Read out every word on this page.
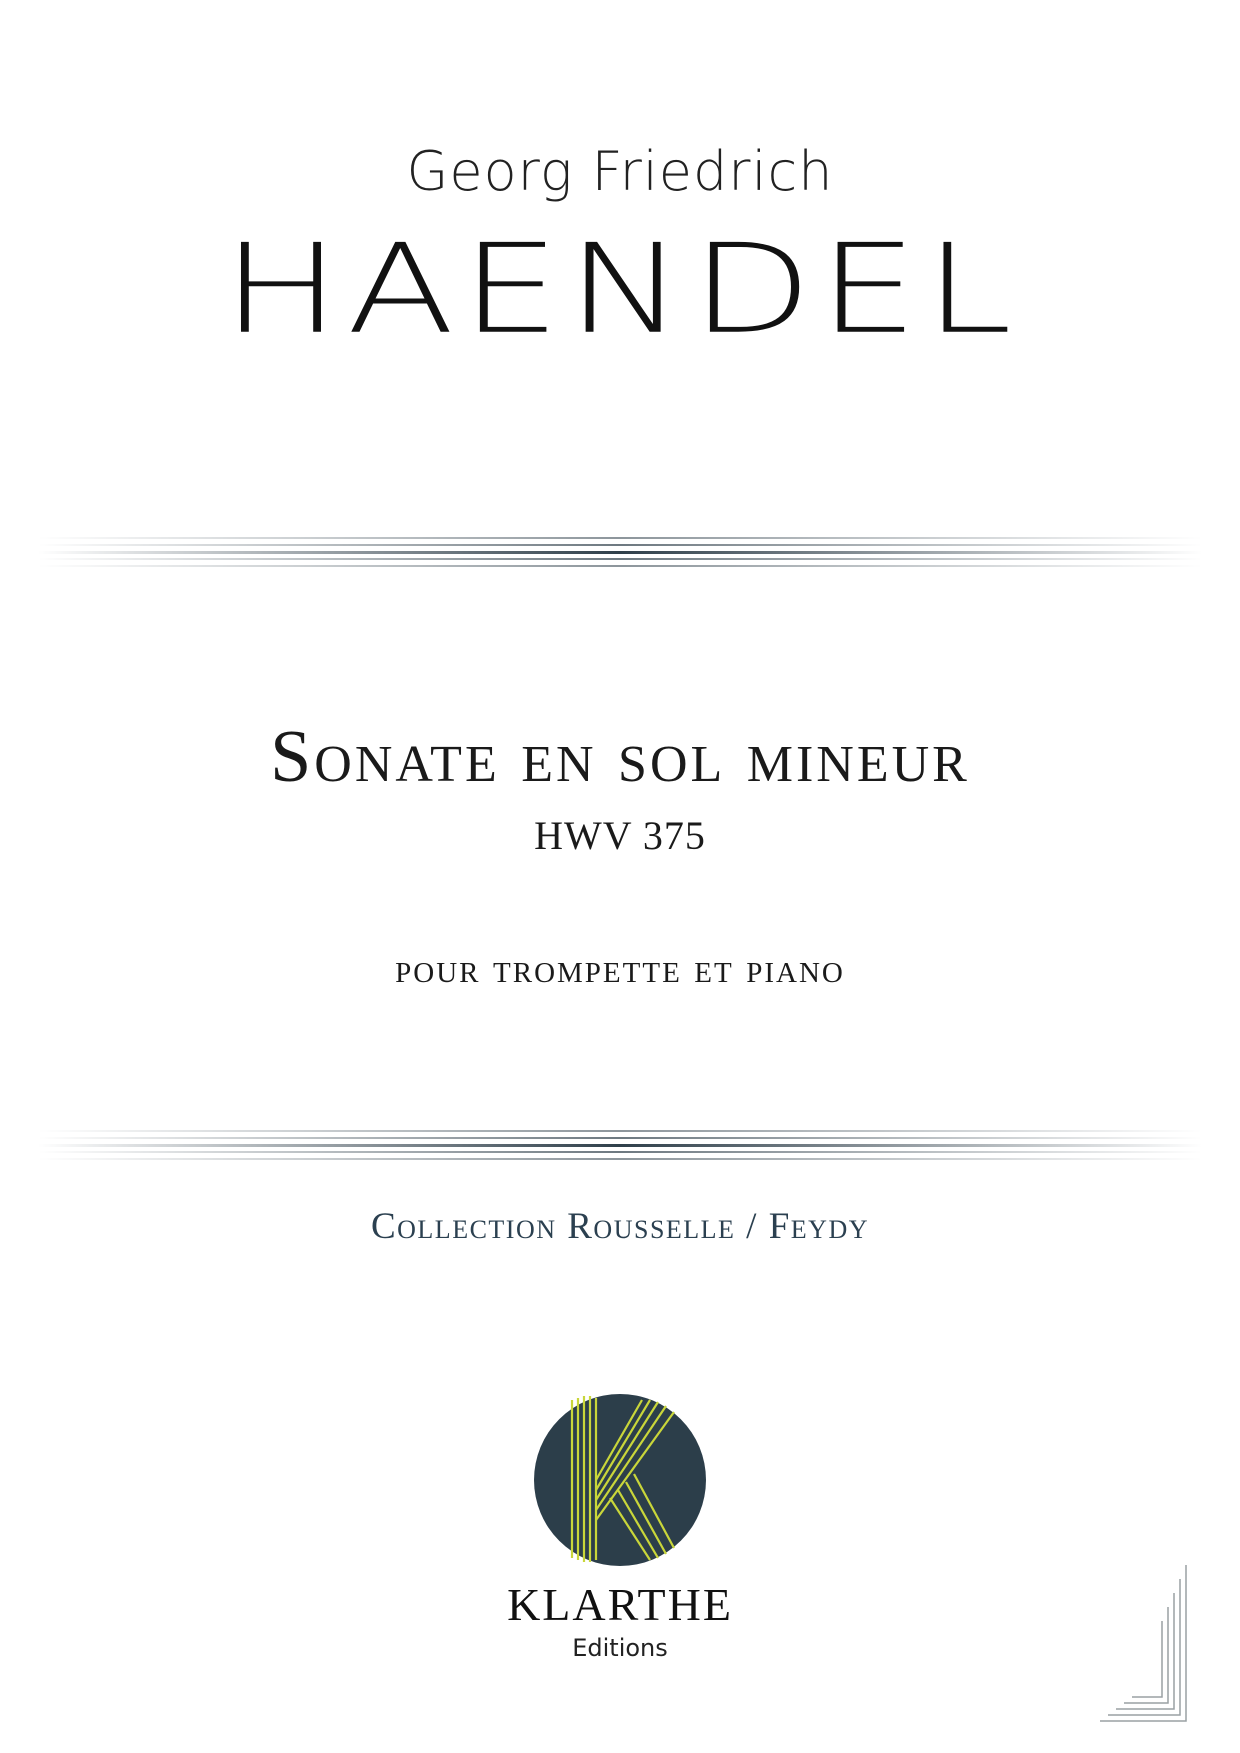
Georg Friedrich
HAENDEL
Sonate en sol mineur
HWV 375
pour trompette et piano
Collection Rousselle / Feydy
KLARTHE
Editions
